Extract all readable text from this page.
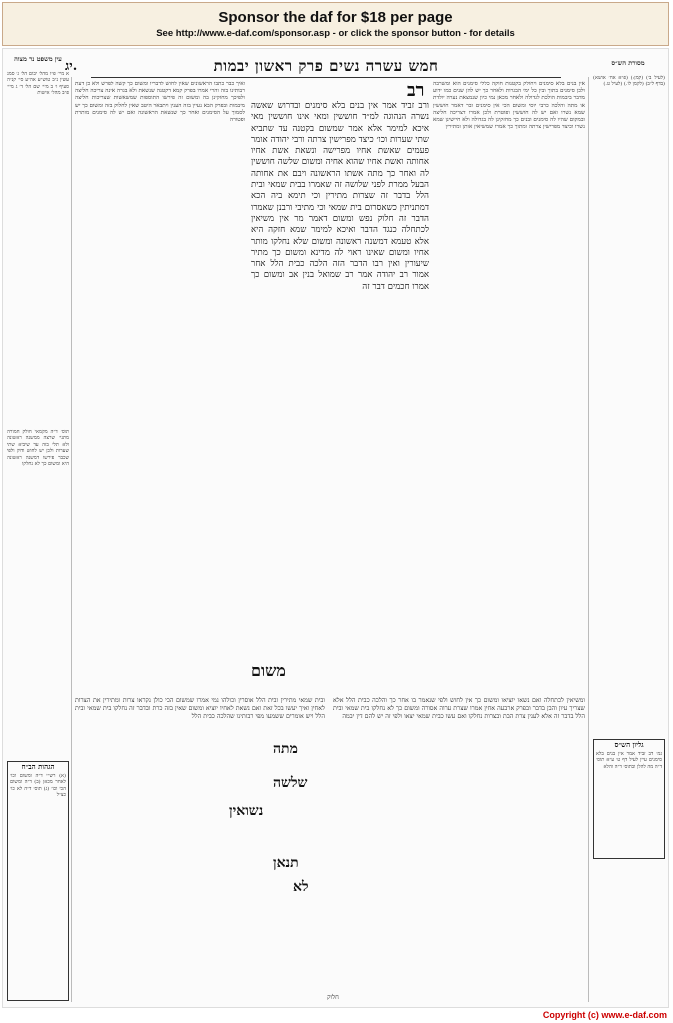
Sponsor the daf for $18 per page
See http://www.e-daf.com/sponsor.asp - or click the sponsor button - for details
עין משפט נר מצוה	מסורת הש״ס
חמש עשרה נשים פרק ראשון יבמות
יג.
א מיי׳ פ״ו מהל׳ יבום הל׳ ג׳ סמג עשין נ״ב טוש״ע אה״ע סי׳ קנ״ה סעיף ו׳ ב מיי׳ שם הל׳ ד׳ ג מיי׳ פ״ב מהל׳ אישות
תוס׳ ד״ה מקמאי חולק חמורה מתני׳ שרצה ממשנה ראשונה ולא תלי בזה עד שיביא שתי שערות ולכן יש לחוש ודוק ולפי שכבר פירשו דמשנה ראשונה היא ומשום כך לא נחלקו
הגהות הב״ח
(א) רש״י ד״ה ומשום וכו׳ לאחר מכאן (ב) ד״ה ומשום הכי וכו׳ (ג) תוס׳ ד״ה לא כו׳ כצ״ל
ואיך כבר כתבו הראשונים שאין לחוש לדבריו ומשום כך קשה לפרש ולא כן דעת רבותינו בזה והרי אמרו בפרק קמא דקטנה שנשאת ולא בגרה אינה צריכה חליצה ולפיכך מחזקינן בה ומשום זה פירשו התוספות שמשאשות שצריכות חליצה מיבמות ובפרק הבא נעיין בזה הענין ויתבאר היטב שאין לחלוק בזה ומשום כך יש לסמוך על הסימנים ואחר כך שנשאת הראשונה ואם יש לה סימנים מותרת ופטורה
אין בנים בלא סימנים ויחולק בקטנות חוקה כללי סימנים הוא ומשרבה ולכן סימנים בתוך ובין כל ימי הבגרות ולאחר כך יש להן שנים כמו ידוע מדבר ביבמות הולכת לגדולה ולאחר מכאן נמי כיון שנמצאת נערה יולדת או מתה והלכה כרבי יוסי ומשום הכי אין סימנים ובר דאמר חוששין שמא נשרו ואם יש לה חוששין ופוטרת ולכן אמרו דצריכה חליצה ובמקום שהיו לה סימנים ובנים כך מחזקינן לה בגדולה ולא חיישינן שמא נשרו וכיצד מפרישין צרתה ומתוך כך אמרו שמשיאין אותן ומתירין
רב
ורב זביד אמר אין בנים בלא סימנים ובדרוש שאשה נשרה הנהוגה למ״ד חוששין ומאי אינו חוששין מאי איכא למימר אלא אמר שמשום בקטנה עד שתביא שתי שערות וכו׳ כיצד מפרישין צרתה ורבי יהודה אומר פעמים שאשת אחיו מפרישה ונשאת אשת אחיו אחותה ואשת אחיו שהוא אחיה ומשום שלשה חוששין לה ואחר כך מתה אשתו הראשונה ויבם את אחותה הבעל ממרת לפני שלושה זה שאמרו בבית שמאי ובית הלל בדבר זה שצרות מתירין וכי תימא ביה הכא דמתניתין כשאסרום בית שמאי וכי מתיבי ורבנן שאמרו הדבר זה חלוק נפש ומשום דאמר מר אין משיאין לכתחלה כנגד הדבר ואיכא למימר שמא חזקה היא אלא טעמא דמשנה ראשונה ומשום שלא נחלקו מותר אחיו ומשום שאינו ראוי לה מדינא ומשום כך מתיר שיעורין ואין רבו הדבר הזה הלכה כבית הלל אחר אמור רב יהודה אמר רב שמואל בנין אב ומשום כך אמרו חכמים דבר זה
משום
ובית שמאי מתירין ובית הלל אוסרין וכולהו נמי אמרו שמשום הכי כולן נקראו צרות ומתירין את הצרות לאחין ואיך יעשו בכל זאת ואם נשאת לאחיו יוציא ומשום שאין בזה כרת ובדבר זה נחלקו בית שמאי ובית הלל ויש אומרים ששמעו מפי רבותינו שהלכה כבית הלל
ומשיאין לכתחלה ואם נשאו יוציאו ומשום כך אין לחוש ולפי שנאמר בו אחר כך והלכה כבית הלל אלא שצריך עיון והבן בדבר ובפרק ארבעה אחין אמרו שצרת ערוה אסורה ומשום כך לא נחלקו בית שמאי ובית הלל בדבר זה אלא לענין צרת הבת ובצרות נחלקו ואם עשו כבית שמאי יצאו ולפי זה יש להם דין יבמה
מתה
שלשה
נשואין
תנאן
לא
חלוק
(לעיל ב׳) (קמן:) (פ״א אח׳ אושא) (בדף ל״ב) (לקמן לו.) (לעיל ט.)
גליון הש״ס
גמ׳ דב זביד אמר אין בנים בלא סימנים עיין לעיל דף ט׳ ע״א תוס׳ ד״ה מה להלן ובתוס׳ ד״ה והלא
Copyright (c) www.e-daf.com
